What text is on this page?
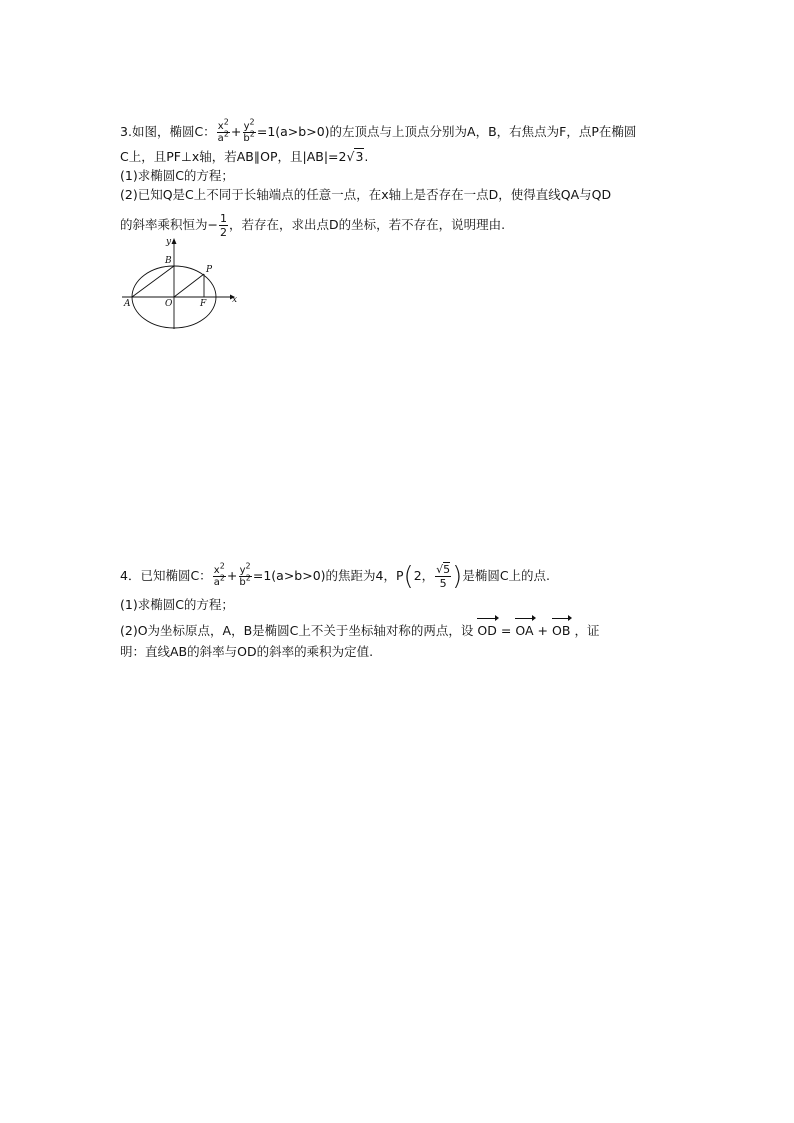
3.如图，椭圆C： $\frac{x^2}{a^2} + \frac{y^2}{b^2} =1(a>b>0)$的左顶点与上顶点分别为A，B，右焦点为F，点P在椭圆
C上，且PF⊥x轴，若AB∥OP，且|AB|=2√3.
(1)求椭圆C的方程；
(2)已知Q是C上不同于长轴端点的任意一点，在x轴上是否存在一点D，使得直线QA与QD
的斜率乘积恒为− $\frac{1}{2}$ ，若存在，求出点D的坐标，若不存在，说明理由.
y
x
B
P
A	O	F
4．已知椭圆C： $\frac{x^2}{a^2} + \frac{y^2}{b^2} =1(a>b>0)$的焦距为4，P(2， $\frac{√5}{5}$ )是椭圆C上的点.
(1)求椭圆C的方程；
(2)O为坐标原点，A，B是椭圆C上不关于坐标轴对称的两点，设 OD = OA + OB ，证
明：直线AB的斜率与OD的斜率的乘积为定值.
